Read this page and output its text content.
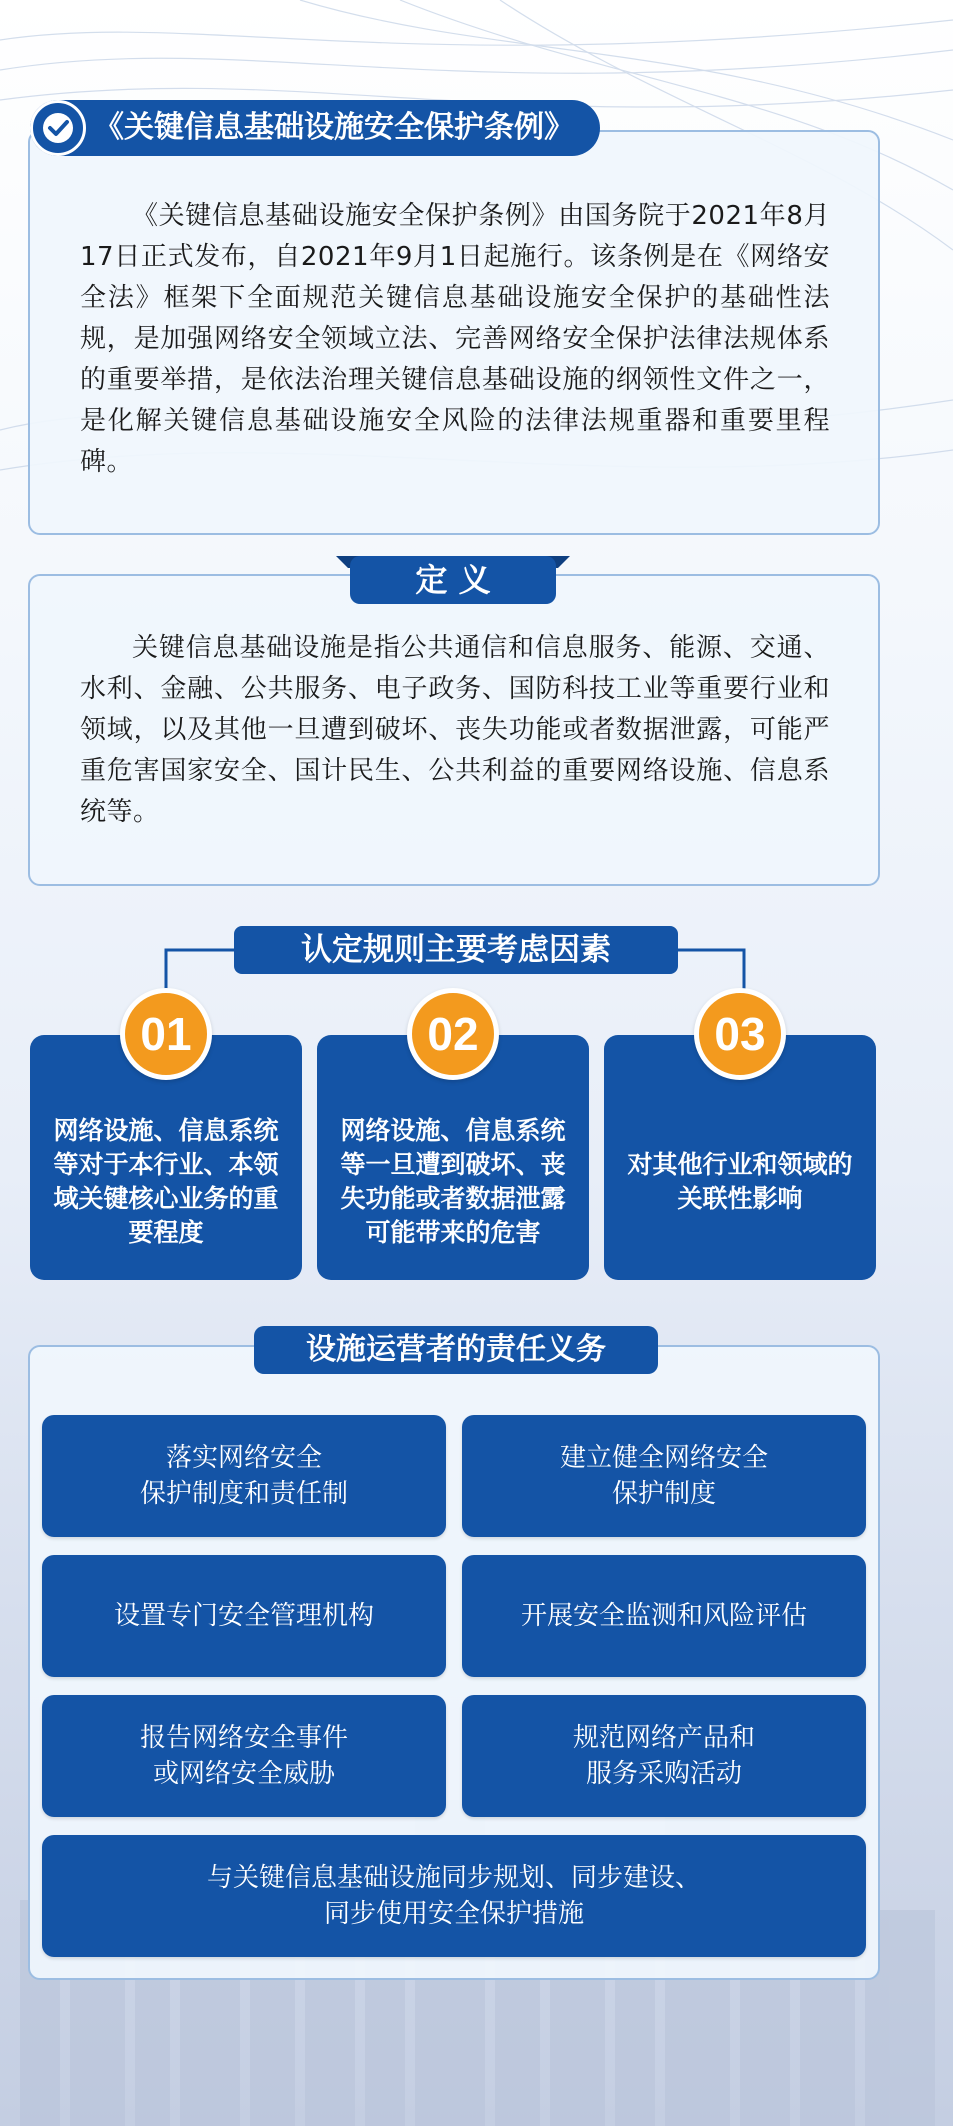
《关键信息基础设施安全保护条例》由国务院于2021年8月17日正式发布，自2021年9月1日起施行。该条例是在《网络安全法》框架下全面规范关键信息基础设施安全保护的基础性法规，是加强网络安全领域立法、完善网络安全保护法律法规体系的重要举措，是依法治理关键信息基础设施的纲领性文件之一，是化解关键信息基础设施安全风险的法律法规重器和重要里程碑。

《关键信息基础设施安全保护条例》

关键信息基础设施是指公共通信和信息服务、能源、交通、水利、金融、公共服务、电子政务、国防科技工业等重要行业和领域，以及其他一旦遭到破坏、丧失功能或者数据泄露，可能严重危害国家安全、国计民生、公共利益的重要网络设施、信息系统等。

定 义
认定规则主要考虑因素
网络设施、信息系统等对于本行业、本领域关键核心业务的重要程度
01
网络设施、信息系统等一旦遭到破坏、丧失功能或者数据泄露可能带来的危害
02
对其他行业和领域的关联性影响
03
设施运营者的责任义务
落实网络安全
保护制度和责任制
建立健全网络安全
保护制度
设置专门安全管理机构	开展安全监测和风险评估
报告网络安全事件
或网络安全威胁
规范网络产品和
服务采购活动
与关键信息基础设施同步规划、同步建设、
同步使用安全保护措施
